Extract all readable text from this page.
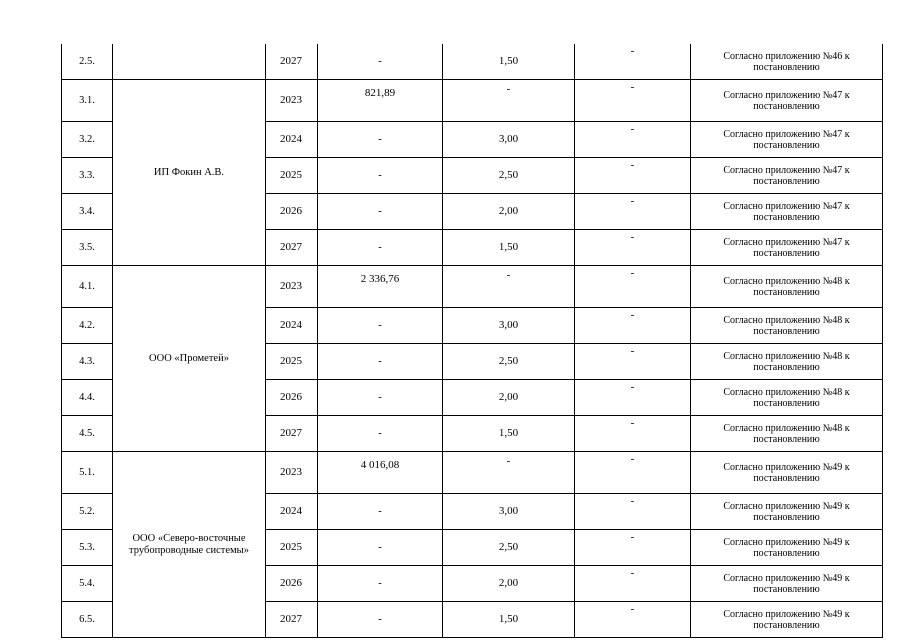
2.5.		2027	-	1,50	-	Согласно приложению №46 к постановлению
3.1.	ИП Фокин А.В.	2023	821,89	-	-	Согласно приложению №47 к постановлению
3.2.		2024	-	3,00	-	Согласно приложению №47 к постановлению
3.3.		2025	-	2,50	-	Согласно приложению №47 к постановлению
3.4.		2026	-	2,00	-	Согласно приложению №47 к постановлению
3.5.		2027	-	1,50	-	Согласно приложению №47 к постановлению
4.1.	ООО «Прометей»	2023	2 336,76	-	-	Согласно приложению №48 к постановлению
4.2.		2024	-	3,00	-	Согласно приложению №48 к постановлению
4.3.		2025	-	2,50	-	Согласно приложению №48 к постановлению
4.4.		2026	-	2,00	-	Согласно приложению №48 к постановлению
4.5.		2027	-	1,50	-	Согласно приложению №48 к постановлению
5.1.	ООО «Северо-восточные трубопроводные системы»	2023	4 016,08	-	-	Согласно приложению №49 к постановлению
5.2.		2024	-	3,00	-	Согласно приложению №49 к постановлению
5.3.		2025	-	2,50	-	Согласно приложению №49 к постановлению
5.4.		2026	-	2,00	-	Согласно приложению №49 к постановлению
6.5.		2027	-	1,50	-	Согласно приложению №49 к постановлению
